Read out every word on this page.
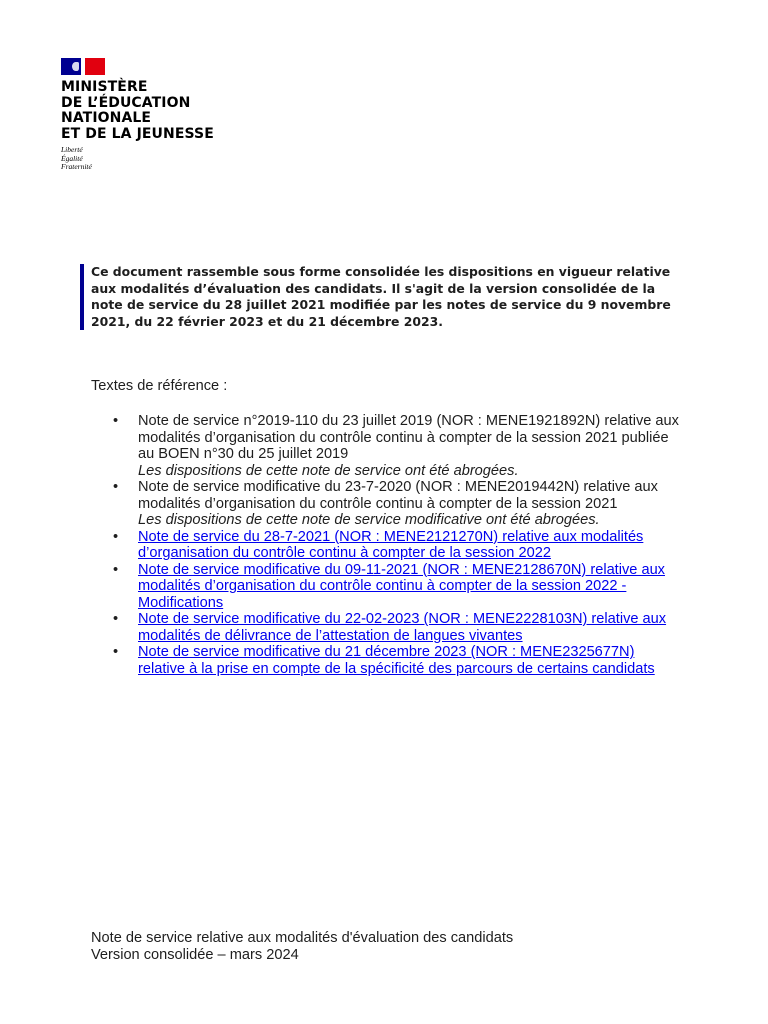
MINISTÈRE
DE L’ÉDUCATION
NATIONALE
ET DE LA JEUNESSE
Liberté
Égalité
Fraternité
Ce document rassemble sous forme consolidée les dispositions en vigueur relative aux modalités d’évaluation des candidats. Il s'agit de la version consolidée de la note de service du 28 juillet 2021 modifiée par les notes de service du 9 novembre 2021, du 22 février 2023 et du 21 décembre 2023.
Textes de référence :
• Note de service n°2019-110 du 23 juillet 2019 (NOR : MENE1921892N) relative aux modalités d’organisation du contrôle continu à compter de la session 2021 publiée au BOEN n°30 du 25 juillet 2019
Les dispositions de cette note de service ont été abrogées.
• Note de service modificative du 23-7-2020 (NOR : MENE2019442N) relative aux modalités d’organisation du contrôle continu à compter de la session 2021
Les dispositions de cette note de service modificative ont été abrogées.
• Note de service du 28-7-2021 (NOR : MENE2121270N) relative aux modalités d’organisation du contrôle continu à compter de la session 2022
• Note de service modificative du 09-11-2021 (NOR : MENE2128670N) relative aux modalités d’organisation du contrôle continu à compter de la session 2022 - Modifications
• Note de service modificative du 22-02-2023 (NOR : MENE2228103N) relative aux modalités de délivrance de l’attestation de langues vivantes
• Note de service modificative du 21 décembre 2023 (NOR : MENE2325677N) relative à la prise en compte de la spécificité des parcours de certains candidats
Note de service relative aux modalités d'évaluation des candidats
Version consolidée – mars 2024
